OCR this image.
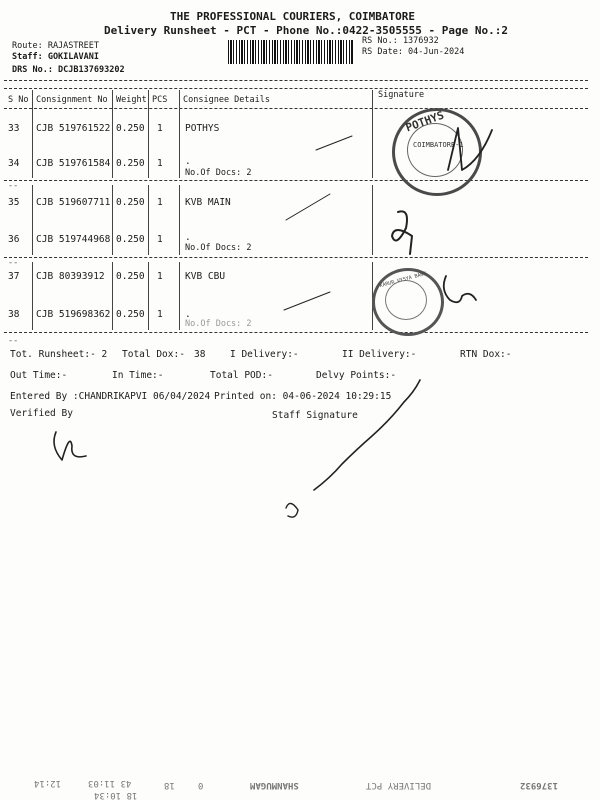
THE PROFESSIONAL COURIERS, COIMBATORE
Delivery Runsheet - PCT - Phone No.:0422-3505555 - Page No.:2
Route: RAJASTREET
Staff: GOKILAVANI
DRS No.: DCJB137693202
RS No.: 1376932
RS Date: 04-Jun-2024
S No Consignment No Weight PCS Consignee Details	Signature
33 CJB 519761522 0.250 1 POTHYS
34 CJB 519761584 0.250 1 .
No.Of Docs: 2
--
35 CJB 519607711 0.250 1 KVB MAIN
36 CJB 519744968 0.250 1 .
No.Of Docs: 2
--
37 CJB 80393912 0.250 1 KVB CBU
38 CJB 519698362 0.250 1 .
No.Of Docs: 2
--
POTHYS
COIMBATORE-1
KARUR VYSYA BANK
Tot. Runsheet:- 2 Total Dox:- 38	I Delivery:-	II Delivery:-	RTN Dox:-
Out Time:-	In Time:-	Total POD:-	Delvy Points:-
Entered By :CHANDRIKAPVI 06/04/2024 Printed on: 04-06-2024 10:29:15
Verified By	Staff Signature
12:14	43 11:03
18 10:34
18	0	SHANMUGAM	DELIVERY PCT	1376932
